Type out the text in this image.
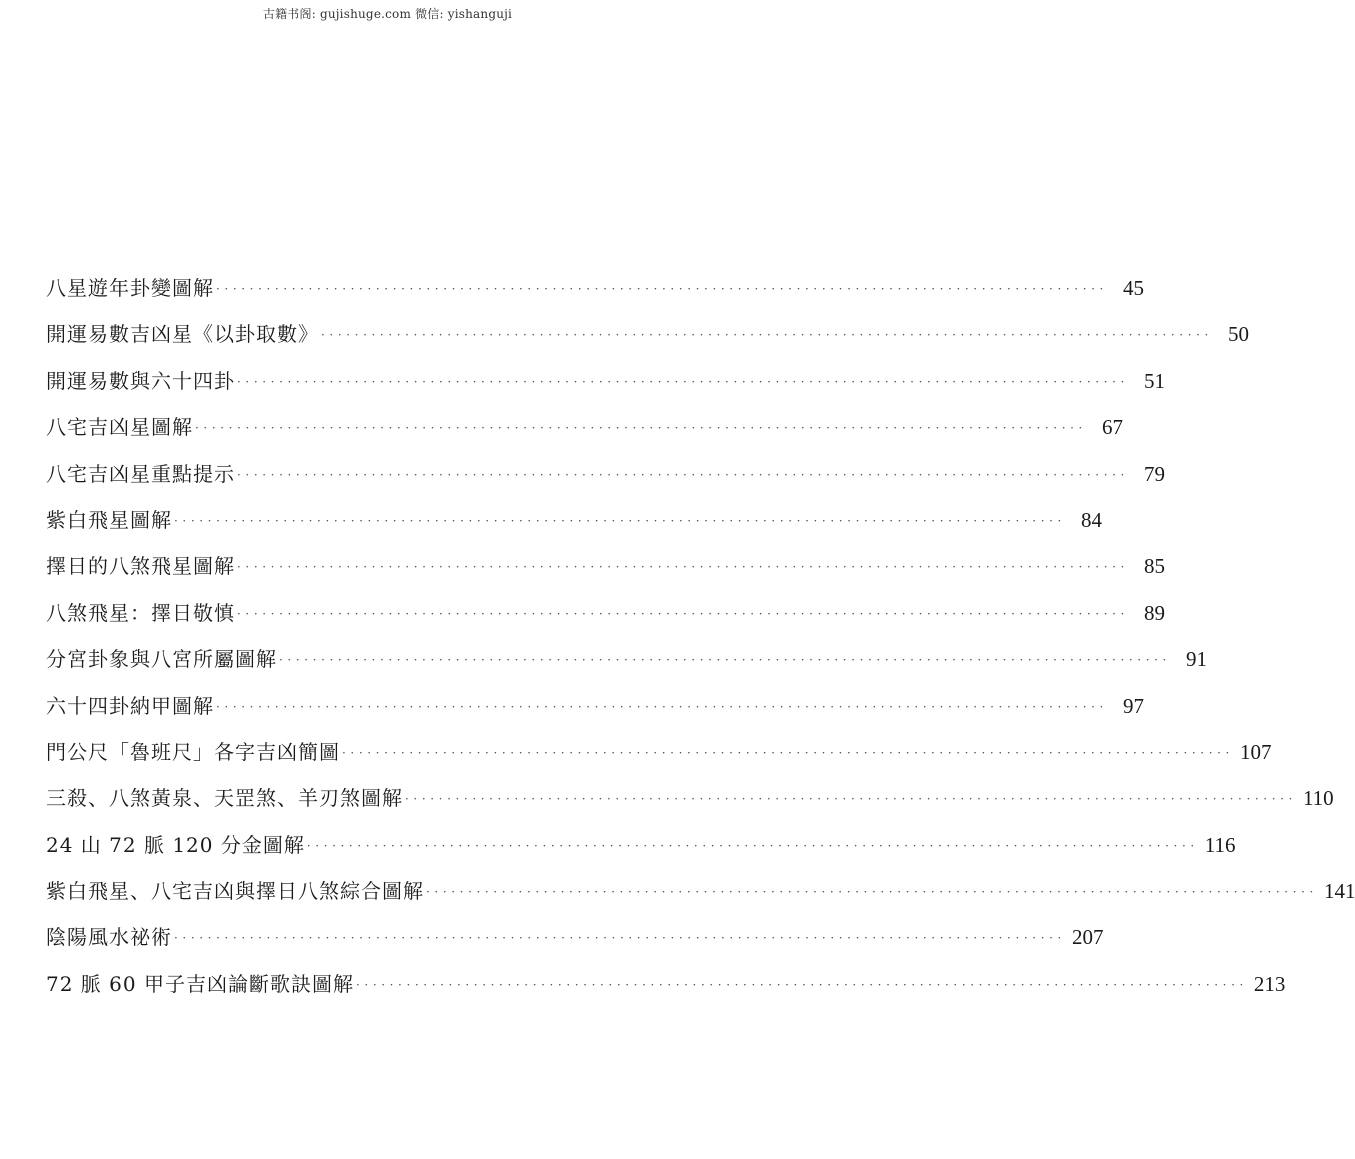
古籍书阁: gujishuge.com 微信: yishanguji
八星遊年卦變圖解 ·········································································································· 45
開運易數吉凶星《以卦取數》 ·········································································································· 50
開運易數與六十四卦 ·········································································································· 51
八宅吉凶星圖解 ·········································································································· 67
八宅吉凶星重點提示 ·········································································································· 79
紫白飛星圖解 ·········································································································· 84
擇日的八煞飛星圖解 ·········································································································· 85
八煞飛星：擇日敬慎 ·········································································································· 89
分宮卦象與八宮所屬圖解 ·········································································································· 91
六十四卦納甲圖解 ·········································································································· 97
門公尺「魯班尺」各字吉凶簡圖 ·········································································································· 107
三殺、八煞黃泉、天罡煞、羊刃煞圖解 ·········································································································· 110
24 山 72 脈 120 分金圖解 ·········································································································· 116
紫白飛星、八宅吉凶與擇日八煞綜合圖解 ·········································································································· 141
陰陽風水祕術 ·········································································································· 207
72 脈 60 甲子吉凶論斷歌訣圖解 ·········································································································· 213
